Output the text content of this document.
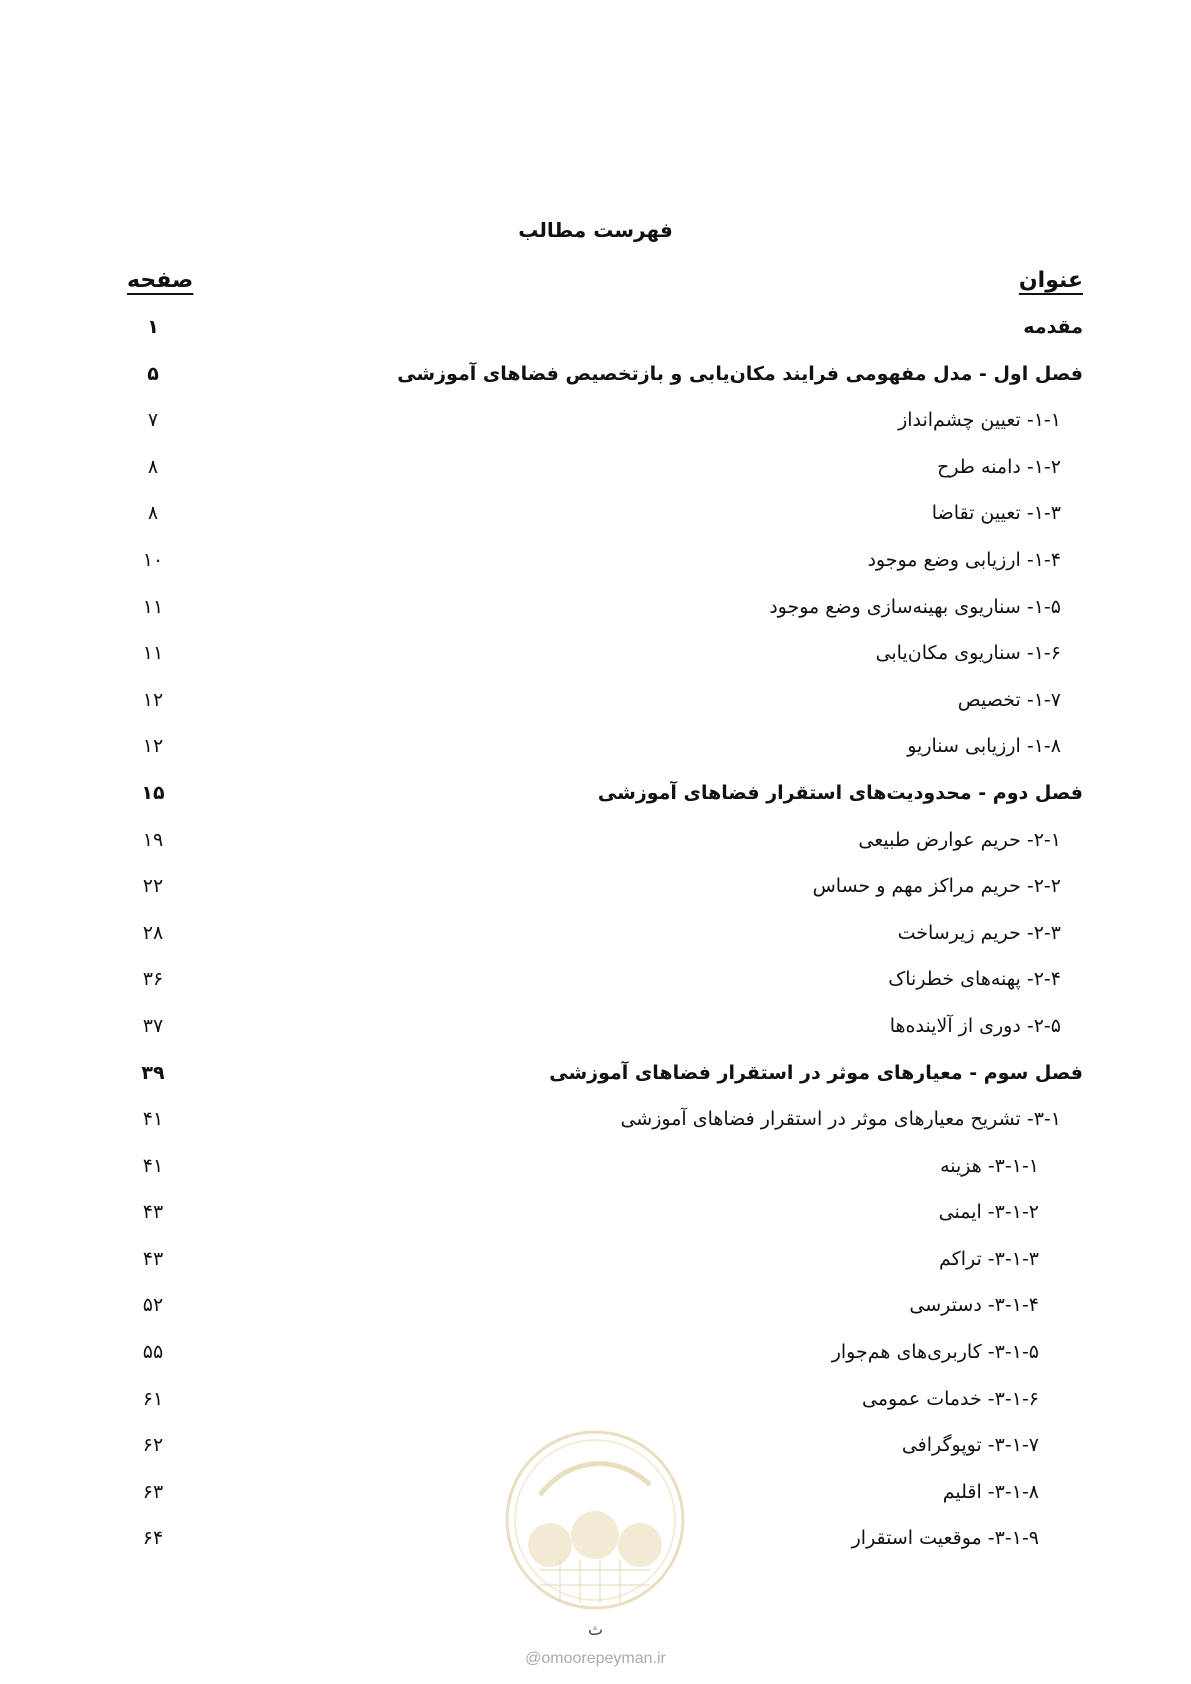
فهرست مطالب
عنوان
صفحه
مقدمه
۱
فصل اول - مدل مفهومی فرایند مکان‌یابی و بازتخصیص فضاهای آموزشی
۵
۱-۱- تعیین چشم‌انداز
۷
۱-۲- دامنه طرح
۸
۱-۳- تعیین تقاضا
۸
۱-۴- ارزیابی وضع موجود
۱۰
۱-۵- سناریوی بهینه‌سازی وضع موجود
۱۱
۱-۶- سناریوی مکان‌یابی
۱۱
۱-۷- تخصیص
۱۲
۱-۸- ارزیابی سناریو
۱۲
فصل دوم - محدودیت‌های استقرار فضاهای آموزشی
۱۵
۲-۱- حریم عوارض طبیعی
۱۹
۲-۲- حریم مراکز مهم و حساس
۲۲
۲-۳- حریم زیرساخت
۲۸
۲-۴- پهنه‌های خطرناک
۳۶
۲-۵- دوری از آلاینده‌ها
۳۷
فصل سوم - معیارهای موثر در استقرار فضاهای آموزشی
۳۹
۳-۱- تشریح معیارهای موثر در استقرار فضاهای آموزشی
۴۱
۳-۱-۱- هزینه
۴۱
۳-۱-۲- ایمنی
۴۳
۳-۱-۳- تراکم
۴۳
۳-۱-۴- دسترسی
۵۲
۳-۱-۵- کاربری‌های هم‌جوار
۵۵
۳-۱-۶- خدمات عمومی
۶۱
۳-۱-۷- توپوگرافی
۶۲
۳-۱-۸- اقلیم
۶۳
۳-۱-۹- موقعیت استقرار
۶۴
ث
@omoorepeyman.ir
